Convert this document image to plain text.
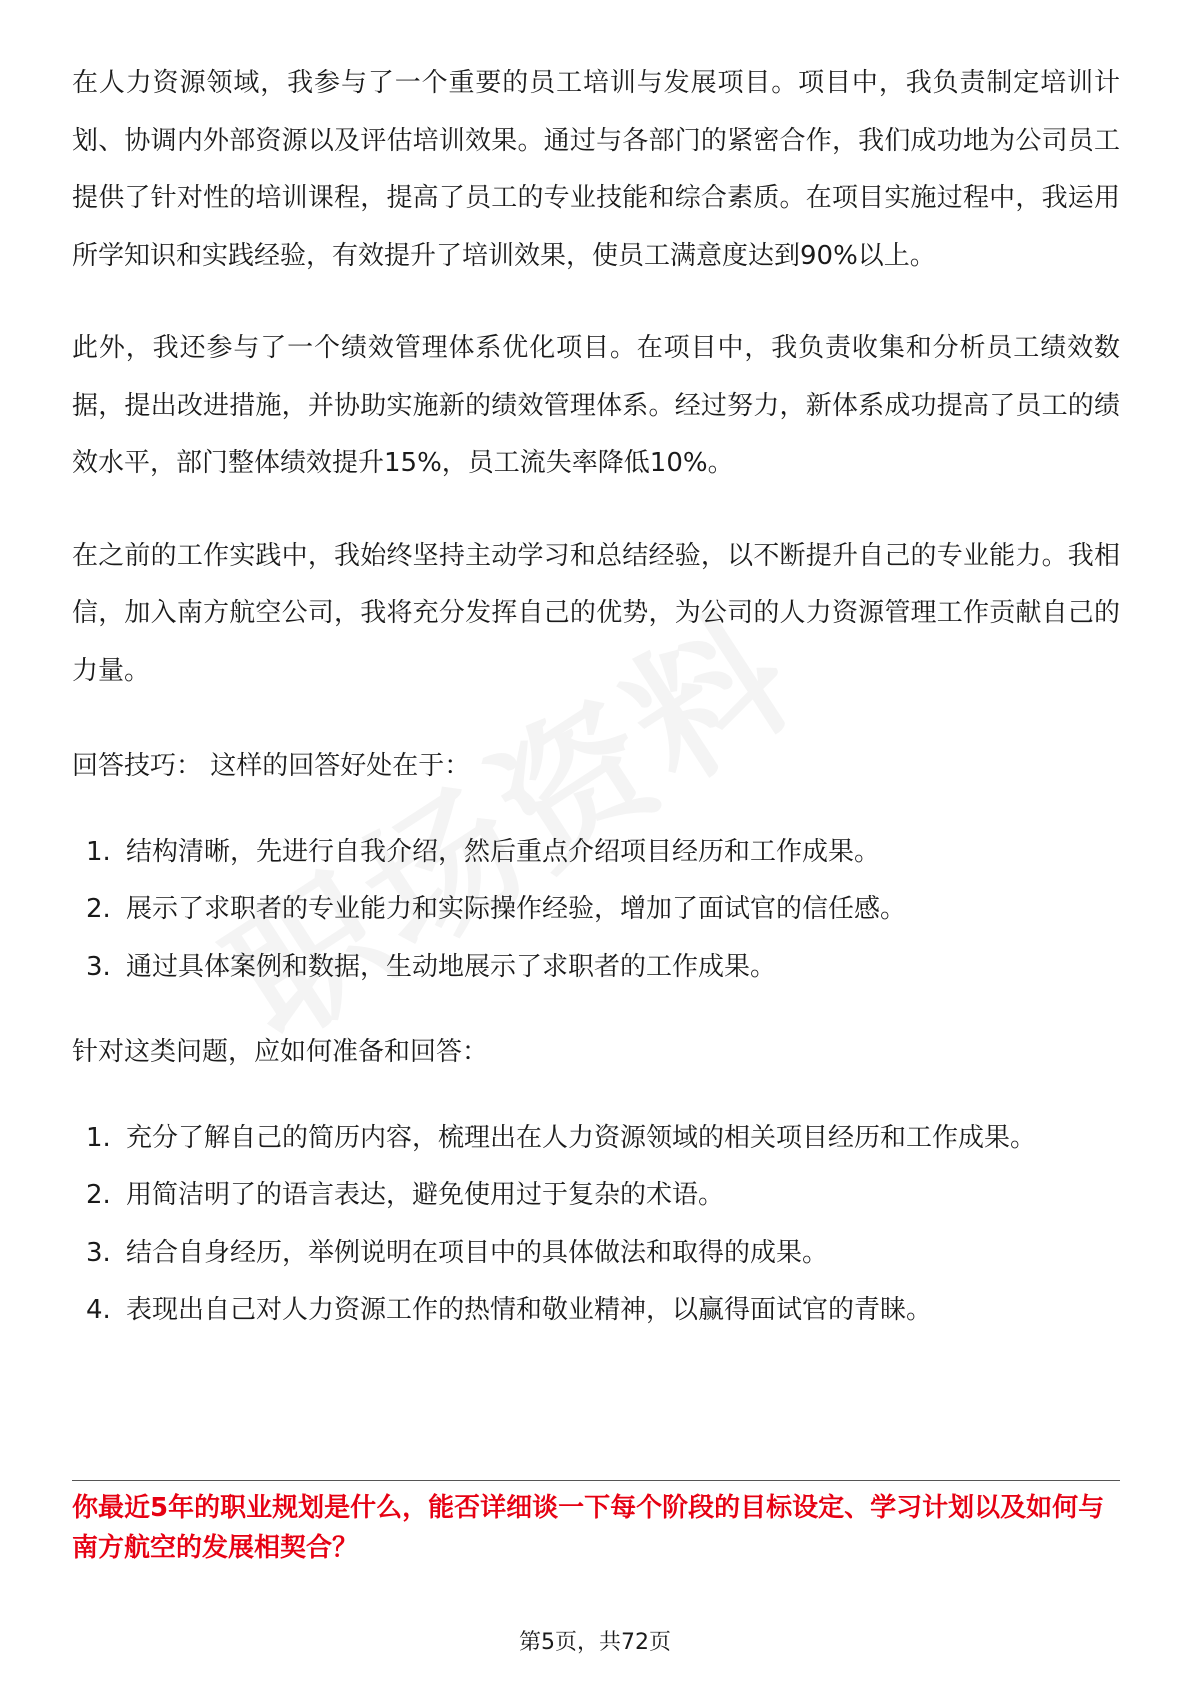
在人力资源领域，我参与了一个重要的员工培训与发展项目。项目中，我负责制定培训计划、协调内外部资源以及评估培训效果。通过与各部门的紧密合作，我们成功地为公司员工提供了针对性的培训课程，提高了员工的专业技能和综合素质。在项目实施过程中，我运用所学知识和实践经验，有效提升了培训效果，使员工满意度达到90%以上。

此外，我还参与了一个绩效管理体系优化项目。在项目中，我负责收集和分析员工绩效数据，提出改进措施，并协助实施新的绩效管理体系。经过努力，新体系成功提高了员工的绩效水平，部门整体绩效提升15%，员工流失率降低10%。

在之前的工作实践中，我始终坚持主动学习和总结经验，以不断提升自己的专业能力。我相信，加入南方航空公司，我将充分发挥自己的优势，为公司的人力资源管理工作贡献自己的力量。

回答技巧： 这样的回答好处在于：
1. 结构清晰，先进行自我介绍，然后重点介绍项目经历和工作成果。
2. 展示了求职者的专业能力和实际操作经验，增加了面试官的信任感。
3. 通过具体案例和数据，生动地展示了求职者的工作成果。
针对这类问题，应如何准备和回答：
1. 充分了解自己的简历内容，梳理出在人力资源领域的相关项目经历和工作成果。
2. 用简洁明了的语言表达，避免使用过于复杂的术语。
3. 结合自身经历，举例说明在项目中的具体做法和取得的成果。
4. 表现出自己对人力资源工作的热情和敬业精神，以赢得面试官的青睐。
你最近5年的职业规划是什么，能否详细谈一下每个阶段的目标设定、学习计划以及如何与南方航空的发展相契合？
第5页，共72页
